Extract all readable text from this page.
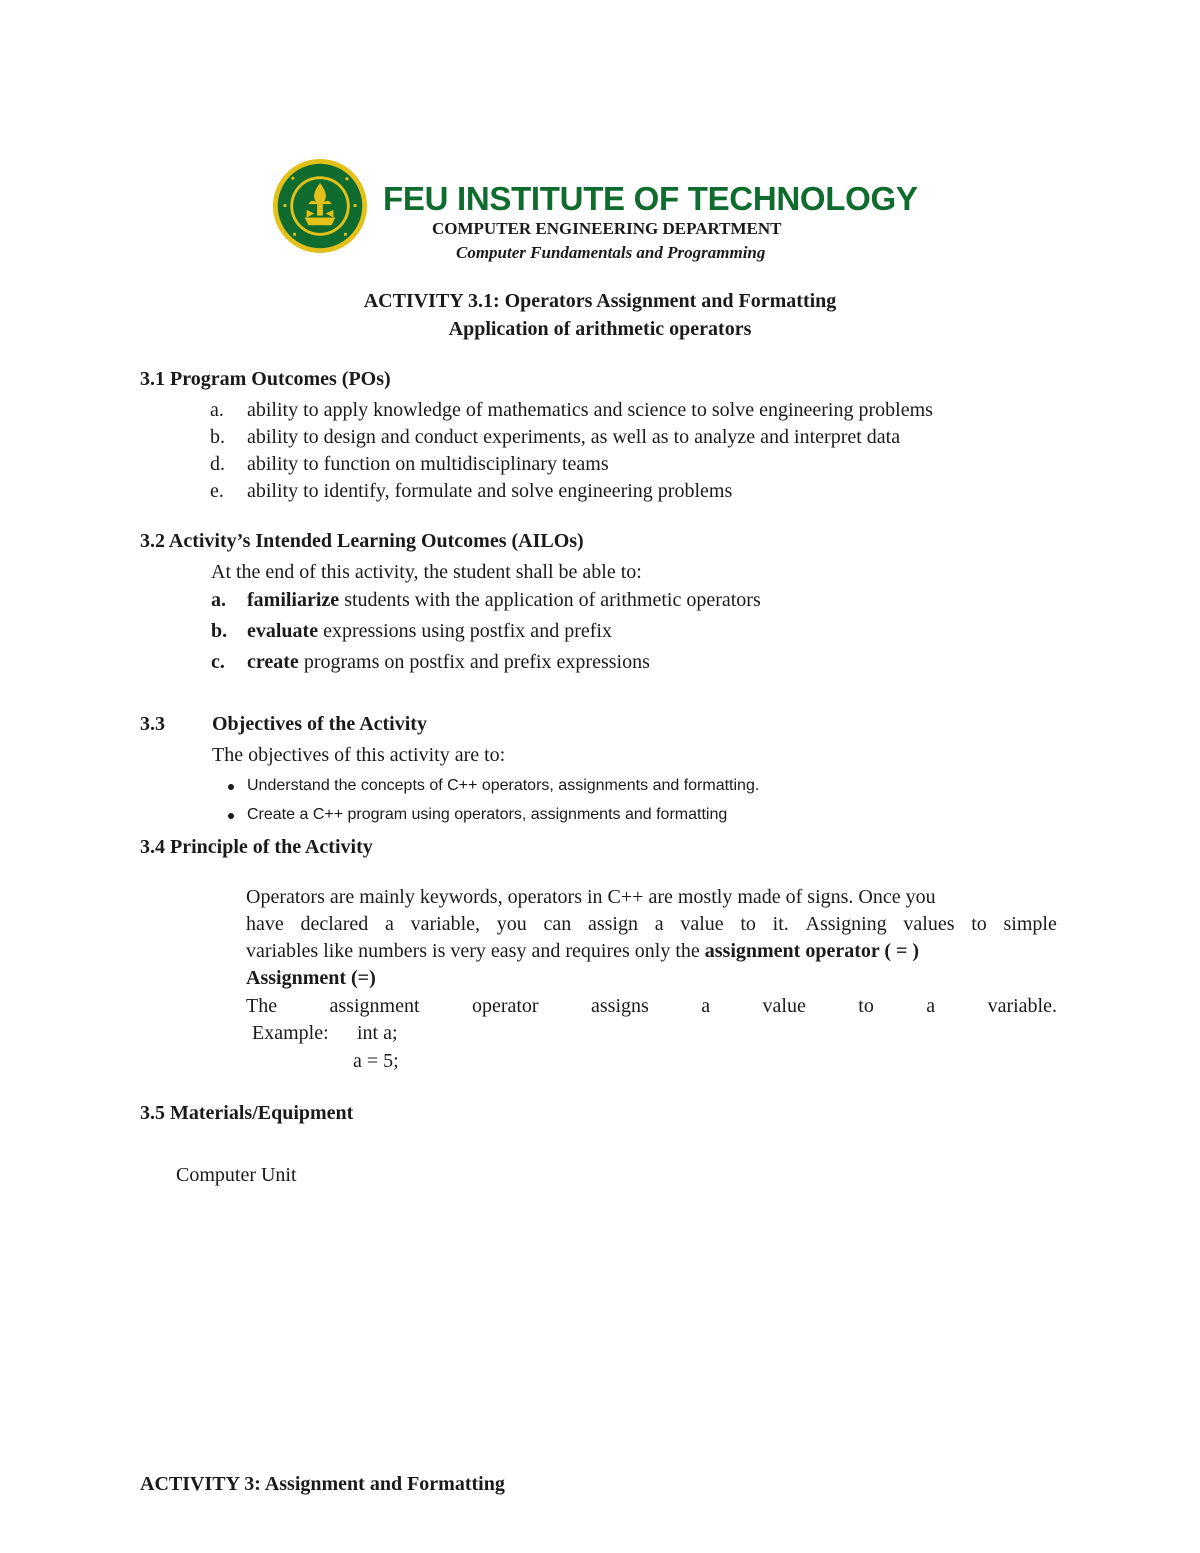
FEU INSTITUTE OF TECHNOLOGY
COMPUTER ENGINEERING DEPARTMENT
Computer Fundamentals and Programming
ACTIVITY 3.1: Operators Assignment and Formatting
Application of arithmetic operators
3.1 Program Outcomes (POs)
a. ability to apply knowledge of mathematics and science to solve engineering problems
b. ability to design and conduct experiments, as well as to analyze and interpret data
d. ability to function on multidisciplinary teams
e. ability to identify, formulate and solve engineering problems
3.2 Activity’s Intended Learning Outcomes (AILOs)
At the end of this activity, the student shall be able to:
a. familiarize students with the application of arithmetic operators
b. evaluate expressions using postfix and prefix
c. create programs on postfix and prefix expressions
3.3 Objectives of the Activity
The objectives of this activity are to:
Understand the concepts of C++ operators, assignments and formatting.
Create a C++ program using operators, assignments and formatting
3.4 Principle of the Activity
Operators are mainly keywords, operators in C++ are mostly made of signs. Once you
have declared a variable, you can assign a value to it. Assigning values to simple
variables like numbers is very easy and requires only the assignment operator ( = )
Assignment (=)
The	assignment	operator	assigns	a	value	to	a	variable.
Example: int a;
a = 5;
3.5 Materials/Equipment
Computer Unit
ACTIVITY 3: Assignment and Formatting
